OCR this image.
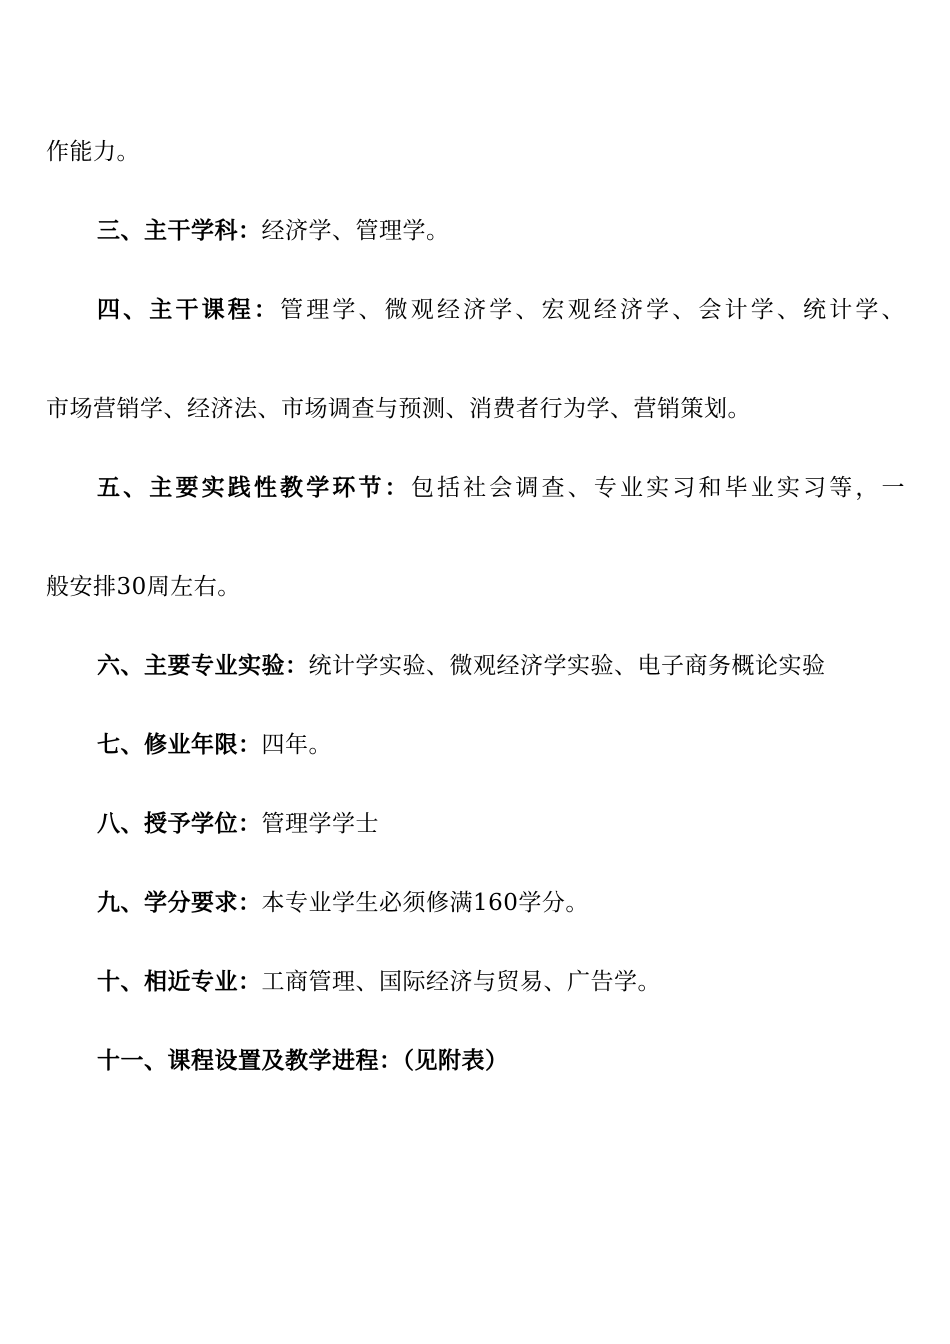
作能力。
三、主干学科：经济学、管理学。
四、主干课程：管理学、微观经济学、宏观经济学、会计学、统计学、
市场营销学、经济法、市场调查与预测、消费者行为学、营销策划。
五、主要实践性教学环节：包括社会调查、专业实习和毕业实习等，一
般安排30周左右。
六、主要专业实验：统计学实验、微观经济学实验、电子商务概论实验
七、修业年限：四年。
八、授予学位：管理学学士
九、学分要求：本专业学生必须修满160学分。
十、相近专业：工商管理、国际经济与贸易、广告学。
十一、课程设置及教学进程：（见附表）
